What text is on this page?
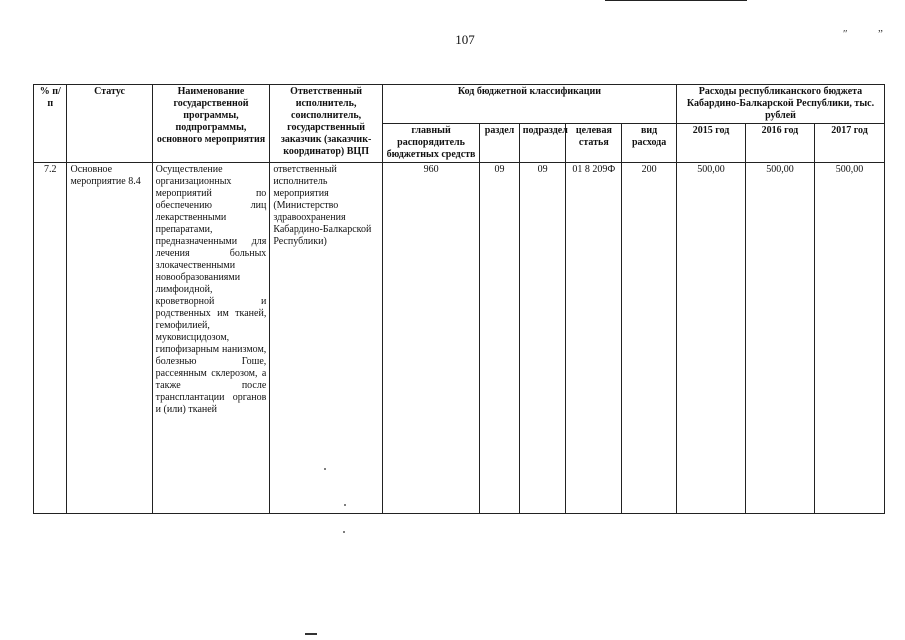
107	″	”
% п/п	Статус	Наименование государственной программы, подпрограммы, основного мероприятия	Ответственный исполнитель, соисполнитель, государственный заказчик (заказчик-координатор) ВЦП	Код бюджетной классификации					Расходы республиканского бюджета Кабардино-Балкарской Республики, тыс. рублей		
				главный распорядитель бюджетных средств	раздел	подраздел	целевая статья	вид расхода	2015 год	2016 год	2017 год
7.2	Основное мероприятие 8.4	Осуществление организационных мероприятий по обеспечению лиц лекарственными препаратами, предназначенными для лечения больных злокачественными новообразованиями лимфоидной, кроветворной и родственных им тканей, гемофилией, муковисцидозом, гипофизарным нанизмом, болезнью Гоше, рассеянным склерозом, а также после трансплантации органов и (или) тканей	ответственный исполнитель мероприятия (Министерство здравоохранения Кабардино-Балкарской Республики)	960	09	09	01 8 209Ф	200	500,00	500,00	500,00
